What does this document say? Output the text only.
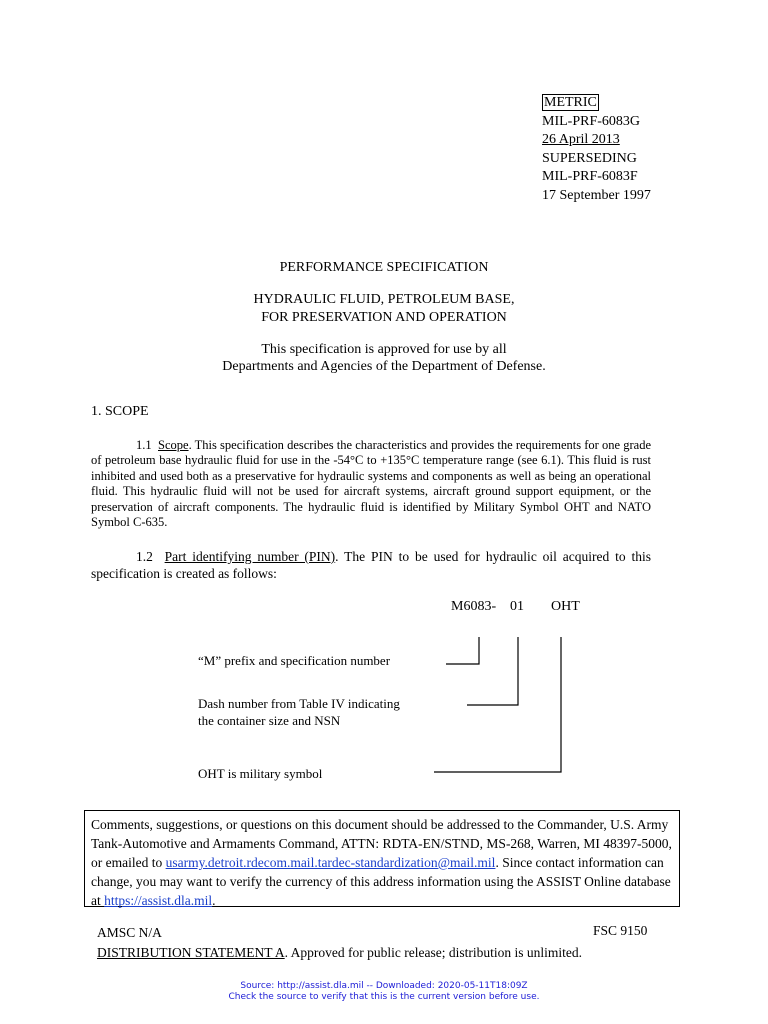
METRIC
MIL-PRF-6083G
26 April 2013
SUPERSEDING
MIL-PRF-6083F
17 September 1997
PERFORMANCE SPECIFICATION
HYDRAULIC FLUID, PETROLEUM BASE,
FOR PRESERVATION AND OPERATION
This specification is approved for use by all
Departments and Agencies of the Department of Defense.
1. SCOPE
1.1 Scope. This specification describes the characteristics and provides the requirements for one grade of petroleum base hydraulic fluid for use in the -54°C to +135°C temperature range (see 6.1). This fluid is rust inhibited and used both as a preservative for hydraulic systems and components as well as being an operational fluid. This hydraulic fluid will not be used for aircraft systems, aircraft ground support equipment, or the preservation of aircraft components. The hydraulic fluid is identified by Military Symbol OHT and NATO Symbol C-635.
1.2 Part identifying number (PIN). The PIN to be used for hydraulic oil acquired to this specification is created as follows:
M6083- 01 OHT
“M” prefix and specification number
Dash number from Table IV indicating
the container size and NSN
OHT is military symbol
Comments, suggestions, or questions on this document should be addressed to the Commander, U.S. Army Tank-Automotive and Armaments Command, ATTN: RDTA-EN/STND, MS-268, Warren, MI 48397-5000, or emailed to usarmy.detroit.rdecom.mail.tardec-standardization@mail.mil. Since contact information can change, you may want to verify the currency of this address information using the ASSIST Online database at https://assist.dla.mil.
AMSC N/A
DISTRIBUTION STATEMENT A. Approved for public release; distribution is unlimited.
FSC 9150
Source: http://assist.dla.mil -- Downloaded: 2020-05-11T18:09Z
Check the source to verify that this is the current version before use.
